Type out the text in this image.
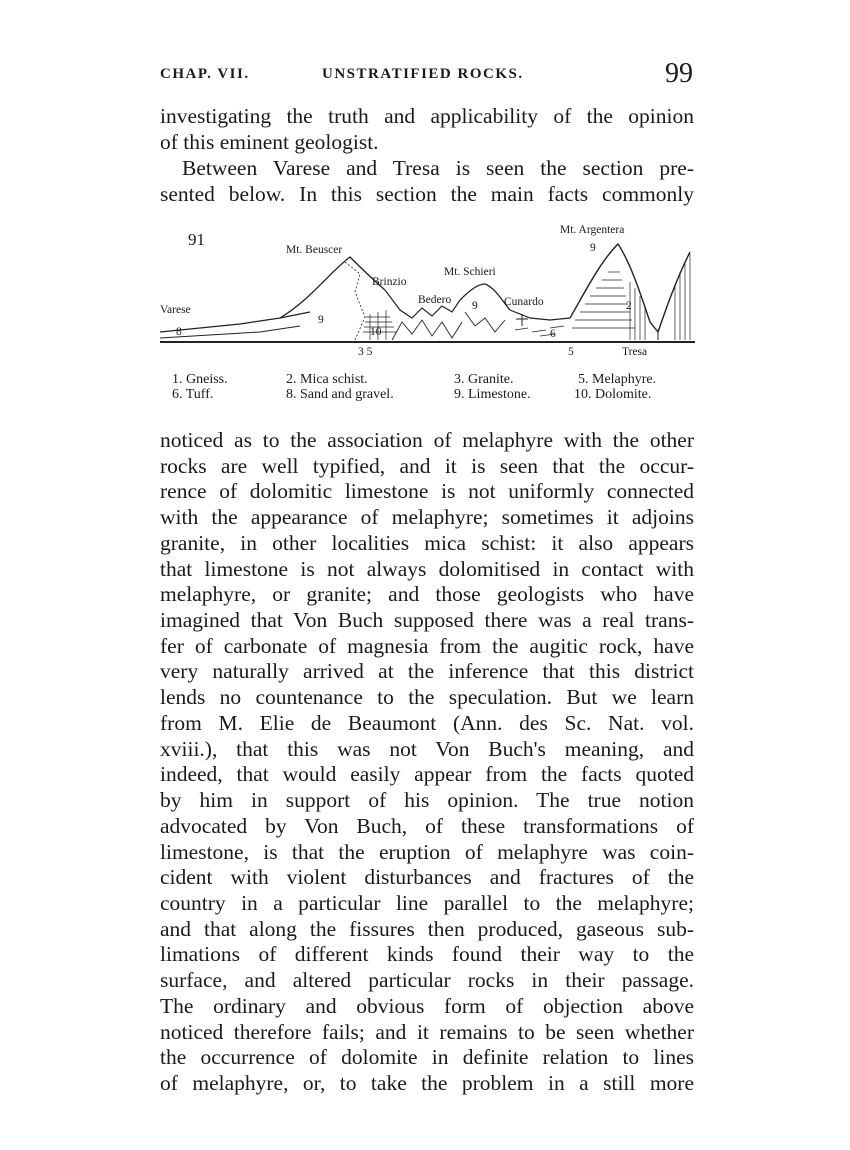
CHAP. VII.	UNSTRATIFIED ROCKS.	99

investigating the truth and applicability of the opinion
of this eminent geologist.

Between Varese and Tresa is seen the section pre-
sented below. In this section the main facts commonly

91
Varese
Mt. Beuscer
Brinzio
Mt. Schieri
Bedero	Cunardo
Mt. Argentera
Tresa
9
10
9	2
3 5	5
6
8
9
1. Gneiss.	2. Mica schist.	3. Granite.	5. Melaphyre.
6. Tuff.	8. Sand and gravel.	9. Limestone.	10. Dolomite.

noticed as to the association of melaphyre with the other
rocks are well typified, and it is seen that the occur-
rence of dolomitic limestone is not uniformly connected
with the appearance of melaphyre; sometimes it adjoins
granite, in other localities mica schist: it also appears
that limestone is not always dolomitised in contact with
melaphyre, or granite; and those geologists who have
imagined that Von Buch supposed there was a real trans-
fer of carbonate of magnesia from the augitic rock, have
very naturally arrived at the inference that this district
lends no countenance to the speculation. But we learn
from M. Elie de Beaumont (Ann. des Sc. Nat. vol.
xviii.), that this was not Von Buch's meaning, and
indeed, that would easily appear from the facts quoted
by him in support of his opinion. The true notion
advocated by Von Buch, of these transformations of
limestone, is that the eruption of melaphyre was coin-
cident with violent disturbances and fractures of the
country in a particular line parallel to the melaphyre;
and that along the fissures then produced, gaseous sub-
limations of different kinds found their way to the
surface, and altered particular rocks in their passage.
The ordinary and obvious form of objection above
noticed therefore fails; and it remains to be seen whether
the occurrence of dolomite in definite relation to lines
of melaphyre, or, to take the problem in a still more
